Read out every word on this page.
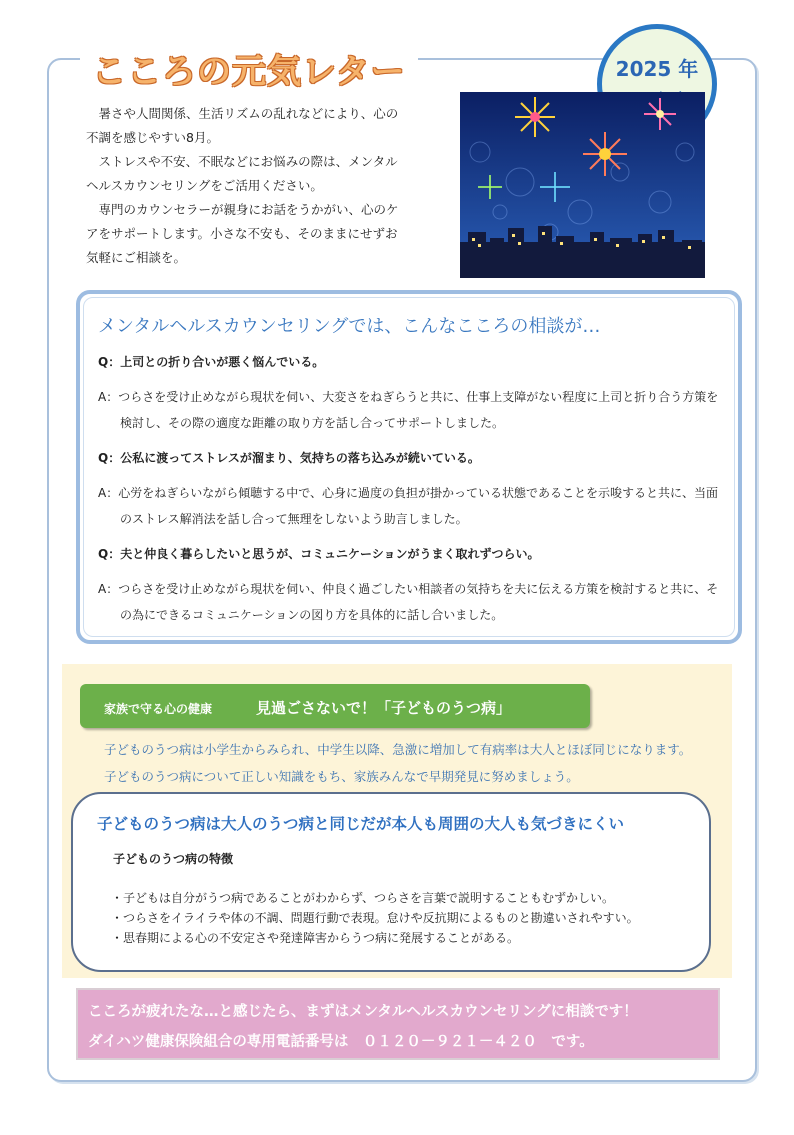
こころの元気レター	2025 年

暑さや人間関係、生活リズムの乱れなどにより、心の不調を感じやすい8月。

ストレスや不安、不眠などにお悩みの際は、メンタルヘルスカウンセリングをご活用ください。

専門のカウンセラーが親身にお話をうかがい、心のケアをサポートします。小さな不安も、そのままにせずお気軽にご相談を。

メンタルヘルスカウンセリングでは、こんなこころの相談が…

Q：上司との折り合いが悪く悩んでいる。

A：つらさを受け止めながら現状を伺い、大変さをねぎらうと共に、仕事上支障がない程度に上司と折り合う方策を検討し、その際の適度な距離の取り方を話し合ってサポートしました。

Q：公私に渡ってストレスが溜まり、気持ちの落ち込みが続いている。

A：心労をねぎらいながら傾聴する中で、心身に過度の負担が掛かっている状態であることを示唆すると共に、当面のストレス解消法を話し合って無理をしないよう助言しました。

Q：夫と仲良く暮らしたいと思うが、コミュニケーションがうまく取れずつらい。

A：つらさを受け止めながら現状を伺い、仲良く過ごしたい相談者の気持ちを夫に伝える方策を検討すると共に、その為にできるコミュニケーションの図り方を具体的に話し合いました。

家族で守る心の健康	見過ごさないで！「子どものうつ病」
子どものうつ病は小学生からみられ、中学生以降、急激に増加して有病率は大人とほぼ同じになります。
子どものうつ病について正しい知識をもち、家族みんなで早期発見に努めましょう。
子どものうつ病は大人のうつ病と同じだが本人も周囲の大人も気づきにくい
子どものうつ病の特徴
・子どもは自分がうつ病であることがわからず、つらさを言葉で説明することもむずかしい。
・つらさをイライラや体の不調、問題行動で表現。怠けや反抗期によるものと勘違いされやすい。
・思春期による心の不安定さや発達障害からうつ病に発展することがある。
こころが疲れたな…と感じたら、まずはメンタルヘルスカウンセリングに相談です！
ダイハツ健康保険組合の専用電話番号は　０１２０－９２１－４２０　です。
